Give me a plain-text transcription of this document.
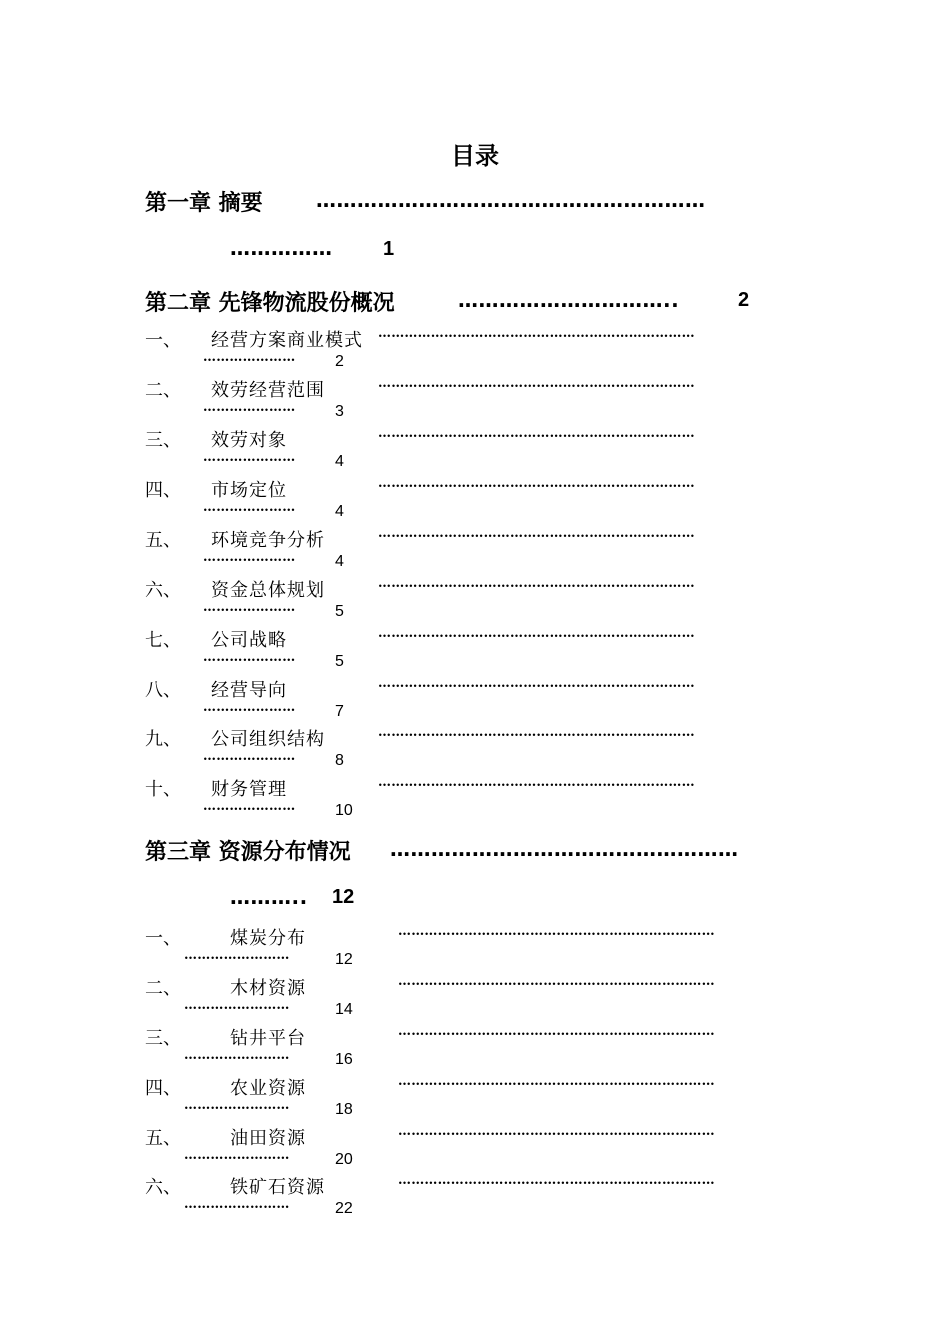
目录
第一章 摘要	…………………………………………………
……………	1
第二章 先锋物流股份概况	…………………………..	2
一、 经营方案商业模式 ………………………………………………………………
………………… 2
二、 效劳经营范围	………………………………………………………………
………………… 3
三、 效劳对象	………………………………………………………………
………………… 4
四、 市场定位	………………………………………………………………
………………… 4
五、 环境竞争分析	………………………………………………………………
………………… 4
六、 资金总体规划	………………………………………………………………
………………… 5
七、 公司战略	………………………………………………………………
………………… 5
八、 经营导向	………………………………………………………………
………………… 7
九、 公司组织结构	………………………………………………………………
………………… 8
十、 财务管理	………………………………………………………………
………………… 10
第三章 资源分布情况 ……………………………………………
……….. 12
一、	煤炭分布	………………………………………………………………
……………………	12
二、	木材资源	………………………………………………………………
……………………	14
三、	钻井平台	………………………………………………………………
……………………	16
四、	农业资源	………………………………………………………………
……………………	18
五、	油田资源	………………………………………………………………
……………………	20
六、	铁矿石资源	………………………………………………………………
……………………	22
